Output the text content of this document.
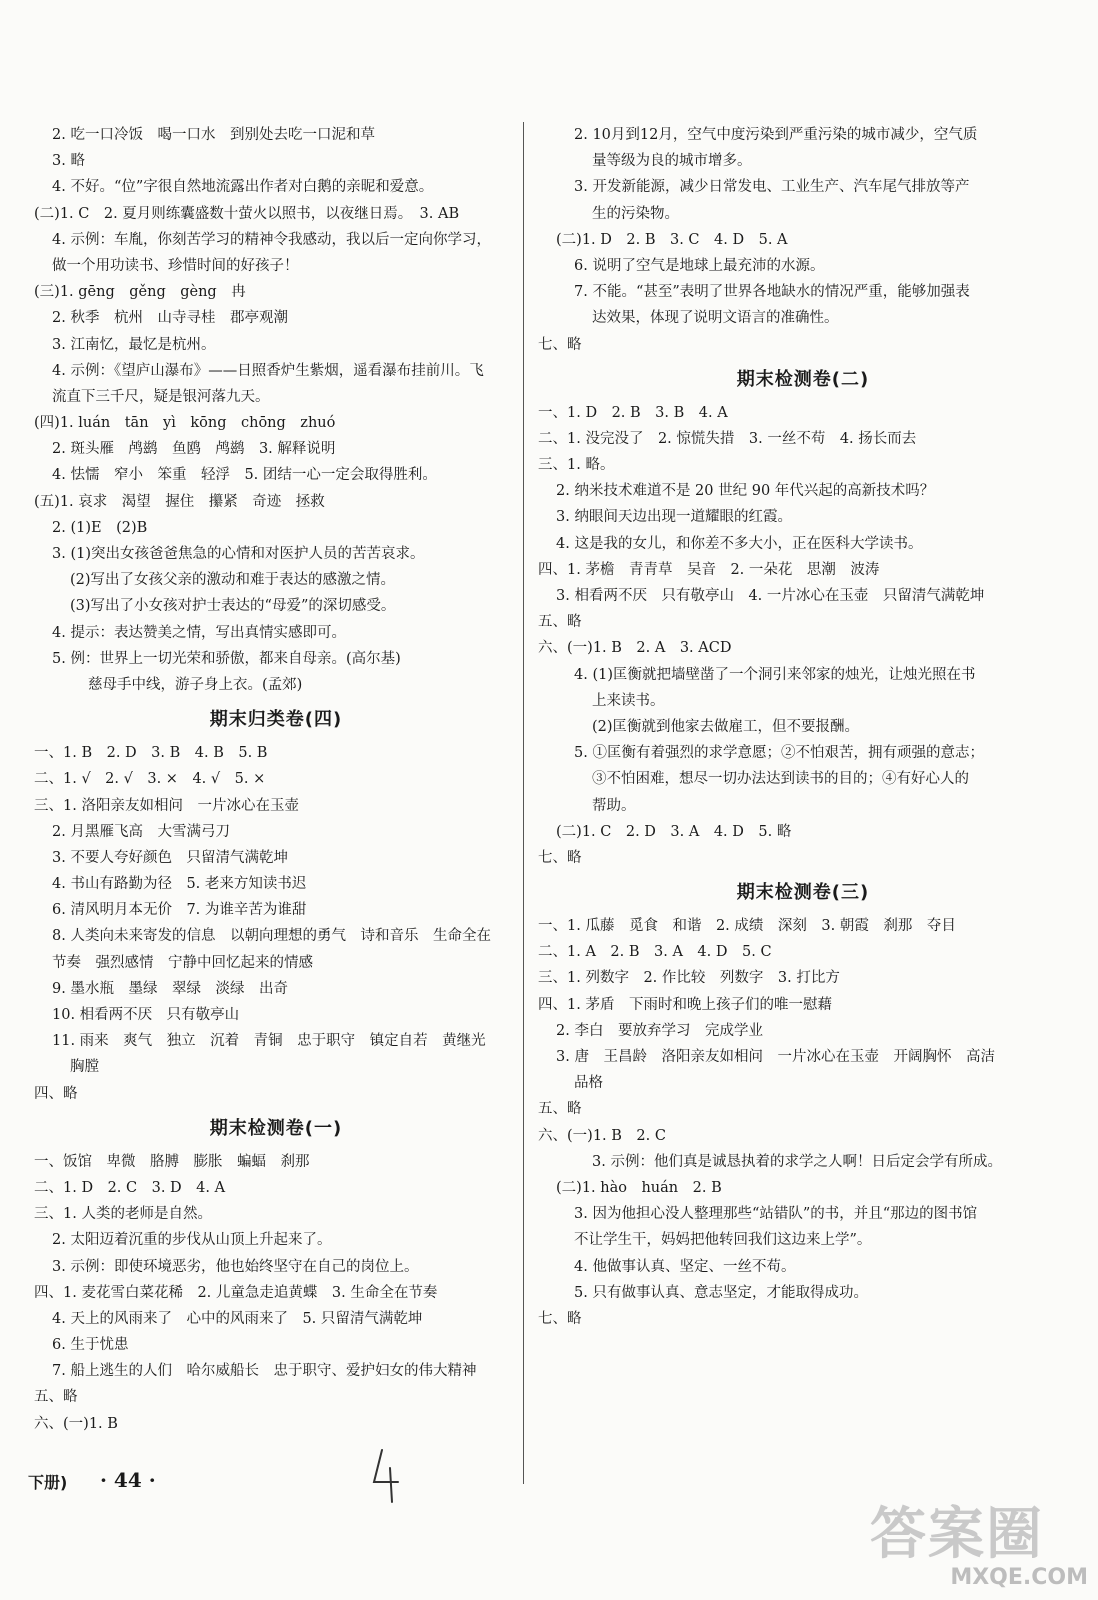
2. 吃一口冷饭　喝一口水　到别处去吃一口泥和草
3. 略
4. 不好。“位”字很自然地流露出作者对白鹅的亲昵和爱意。
(二)1. C　2. 夏月则练囊盛数十萤火以照书，以夜继日焉。　3. AB
4. 示例：车胤，你刻苦学习的精神令我感动，我以后一定向你学习，
做一个用功读书、珍惜时间的好孩子！
(三)1. gēng　gěng　gèng　冉
2. 秋季　杭州　山寺寻桂　郡亭观潮
3. 江南忆，最忆是杭州。
4. 示例：《望庐山瀑布》——日照香炉生紫烟，遥看瀑布挂前川。飞
流直下三千尺，疑是银河落九天。
(四)1. luán　tān　yì　kōng　chōng　zhuó
2. 斑头雁　鸬鹚　鱼鸥　鸬鹚　3. 解释说明
4. 怯懦　窄小　笨重　轻浮　5. 团结一心一定会取得胜利。
(五)1. 哀求　渴望　握住　攥紧　奇迹　拯救
2. (1)E　(2)B
3. (1)突出女孩爸爸焦急的心情和对医护人员的苦苦哀求。
(2)写出了女孩父亲的激动和难于表达的感激之情。
(3)写出了小女孩对护士表达的“母爱”的深切感受。
4. 提示：表达赞美之情，写出真情实感即可。
5. 例：世界上一切光荣和骄傲，都来自母亲。(高尔基)
慈母手中线，游子身上衣。(孟郊)
期末归类卷(四)
一、1. B　2. D　3. B　4. B　5. B
二、1. √　2. √　3. ×　4. √　5. ×
三、1. 洛阳亲友如相问　一片冰心在玉壶
2. 月黑雁飞高　大雪满弓刀
3. 不要人夸好颜色　只留清气满乾坤
4. 书山有路勤为径　5. 老来方知读书迟
6. 清风明月本无价　7. 为谁辛苦为谁甜
8. 人类向未来寄发的信息　以朝向理想的勇气　诗和音乐　生命全在
节奏　强烈感情　宁静中回忆起来的情感
9. 墨水瓶　墨绿　翠绿　淡绿　出奇
10. 相看两不厌　只有敬亭山
11. 雨来　爽气　独立　沉着　青铜　忠于职守　镇定自若　黄继光
胸膛
四、略
期末检测卷(一)
一、饭馆　卑微　胳膊　膨胀　蝙蝠　刹那
二、1. D　2. C　3. D　4. A
三、1. 人类的老师是自然。
2. 太阳迈着沉重的步伐从山顶上升起来了。
3. 示例：即使环境恶劣，他也始终坚守在自己的岗位上。
四、1. 麦花雪白菜花稀　2. 儿童急走追黄蝶　3. 生命全在节奏
4. 天上的风雨来了　心中的风雨来了　5. 只留清气满乾坤
6. 生于忧患
7. 船上逃生的人们　哈尔威船长　忠于职守、爱护妇女的伟大精神
五、略
六、(一)1. B
2. 10月到12月，空气中度污染到严重污染的城市减少，空气质
量等级为良的城市增多。
3. 开发新能源，减少日常发电、工业生产、汽车尾气排放等产
生的污染物。
(二)1. D　2. B　3. C　4. D　5. A
6. 说明了空气是地球上最充沛的水源。
7. 不能。“甚至”表明了世界各地缺水的情况严重，能够加强表
达效果，体现了说明文语言的准确性。
七、略
期末检测卷(二)
一、1. D　2. B　3. B　4. A
二、1. 没完没了　2. 惊慌失措　3. 一丝不苟　4. 扬长而去
三、1. 略。
2. 纳米技术难道不是 20 世纪 90 年代兴起的高新技术吗？
3. 纳眼间天边出现一道耀眼的红霞。
4. 这是我的女儿，和你差不多大小，正在医科大学读书。
四、1. 茅檐　青青草　吴音　2. 一朵花　思潮　波涛
3. 相看两不厌　只有敬亭山　4. 一片冰心在玉壶　只留清气满乾坤
五、略
六、(一)1. B　2. A　3. ACD
4. (1)匡衡就把墙壁凿了一个洞引来邻家的烛光，让烛光照在书
上来读书。
(2)匡衡就到他家去做雇工，但不要报酬。
5. ①匡衡有着强烈的求学意愿；②不怕艰苦，拥有顽强的意志；
③不怕困难，想尽一切办法达到读书的目的；④有好心人的
帮助。
(二)1. C　2. D　3. A　4. D　5. 略
七、略
期末检测卷(三)
一、1. 瓜藤　觅食　和谐　2. 成绩　深刻　3. 朝霞　刹那　夺目
二、1. A　2. B　3. A　4. D　5. C
三、1. 列数字　2. 作比较　列数字　3. 打比方
四、1. 茅盾　下雨时和晚上孩子们的唯一慰藉
2. 李白　要放弃学习　完成学业
3. 唐　王昌龄　洛阳亲友如相问　一片冰心在玉壶　开阔胸怀　高洁
品格
五、略
六、(一)1. B　2. C
3. 示例：他们真是诚恳执着的求学之人啊！日后定会学有所成。
(二)1. hào　huán　2. B
3. 因为他担心没人整理那些“站错队”的书，并且“那边的图书馆
不让学生干，妈妈把他转回我们这边来上学”。
4. 他做事认真、坚定、一丝不苟。
5. 只有做事认真、意志坚定，才能取得成功。
七、略
下册) · 44 ·
答案圈
MXQE.COM
